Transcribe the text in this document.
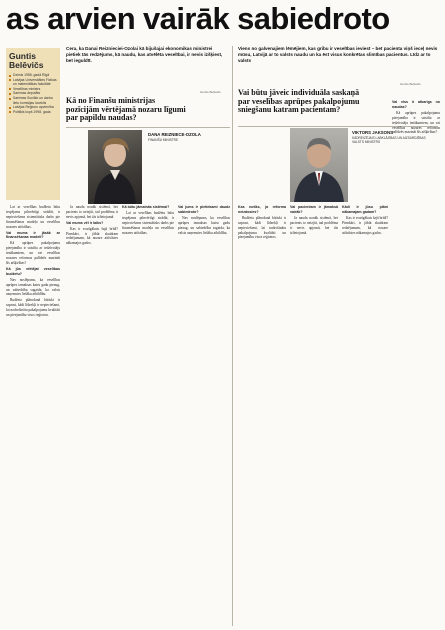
as arvien vairāk sabiedroto
Guntis Belēvičs
Dzimis 1958. gadā Rīgā
Latvijas Universitātes Fizikas un matemātikas fakultāte
Veselības ministrs
Saeimas deputāts
Saeimas Sociālo un darba lietu komisijas loceklis
Latvijas Reģionu apvienība
Politiķis kopš 1998. gada
Cera, ka Danai Reiznieciei-Ozolai kā bijušajai ekonomikas ministrei pietiek tās redzējums, kā naudu, kas atvēlēta veselībai, ir nevis izšķiest, bet ieguldīt.
Viens no galvenajiem lēmējiem, kas gribu ir veselības ieviest – bet pacienta viņš ieceļ nevis mūsu, Latvijā ar to valsts naudu un ka ēst visus konkrētas slimības pacientus. Līdz ar to valsts
Kā no Finanšu ministrijas pozīcijām vērtējamā nozaru līgumi par papildu naudas?
Vai būtu jāveic individuāla saskaņā par veselības aprūpes pakalpojumu sniegšanu katram pacientam?
DANA REIZNIECE-OZOLA
FINANŠU MINISTRE
VIKTORS JAKSONS
KĀDREIZĒJAIS LABKLĀJĪBAS UN AIZSARDZĪBAS VALSTS MINISTRS
Guntis Belēvičs
Guntis Belēvičs

Lai ar veselības budžetu būtu iespējams pilnvērtīgi strādāt, ir nepieciešams sistemātisks darbs pie finansēšanas modeļa un veselības nozares attīstības.

Vai mums ir jāsāk ar finansēšanas modeli?

Kā aprūpes pakalpojumu pieejamība ir saistīta ar iedzīvotāju ienākumiem, un vai veselības nozares reformas palīdzēs mazināt šīs atšķirības?

Kā jūs vērtējat veselības budžetu?

Nav noslēpums, ka veselības aprūpes izmaksas katru gadu pieaug, un sabiedrība sagaida, ka valsts uzņemsies lielāku atbildību.

Budžeta plānošanā būtiski ir saprast, kādi līdzekļi ir nepieciešami, lai nodrošinātu pakalpojumu kvalitāti un pieejamību visos reģionos.

Ja nauda nonāk sistēmā, bet pacients to neizjūt, tad problēma ir nevis apjomā, bet tās izlietojumā.

Vai mums vēl ir laiks?

Kas ir svarīgākais šajā brīdī? Pirmkārt, ir jābūt skaidram redzējumam, kā nozare attīstīsies nākamajos gados.

Kā būtu jāmainās sistēmai?

Lai ar veselības budžetu būtu iespējams pilnvērtīgi strādāt, ir nepieciešams sistemātisks darbs pie finansēšanas modeļa un veselības nozares attīstības.

Vai jums ir pietiekami daudz sabiedroto?

Nav noslēpums, ka veselības aprūpes izmaksas katru gadu pieaug, un sabiedrība sagaida, ka valsts uzņemsies lielāku atbildību.

Kas notiks, ja reforma neizdosies?

Budžeta plānošanā būtiski ir saprast, kādi līdzekļi ir nepieciešami, lai nodrošinātu pakalpojumu kvalitāti un pieejamību visos reģionos.

Vai pacientam ir jāmaksā vairāk?

Ja nauda nonāk sistēmā, bet pacients to neizjūt, tad problēma ir nevis apjomā, bet tās izlietojumā.

Kādi ir jūsu plāni nākamajam gadam?

Kas ir svarīgākais šajā brīdī? Pirmkārt, ir jābūt skaidram redzējumam, kā nozare attīstīsies nākamajos gados.

Vai viss ir atkarīgs no naudas?

Kā aprūpes pakalpojumu pieejamība ir saistīta ar iedzīvotāju ienākumiem, un vai veselības nozares reformas palīdzēs mazināt šīs atšķirības?
